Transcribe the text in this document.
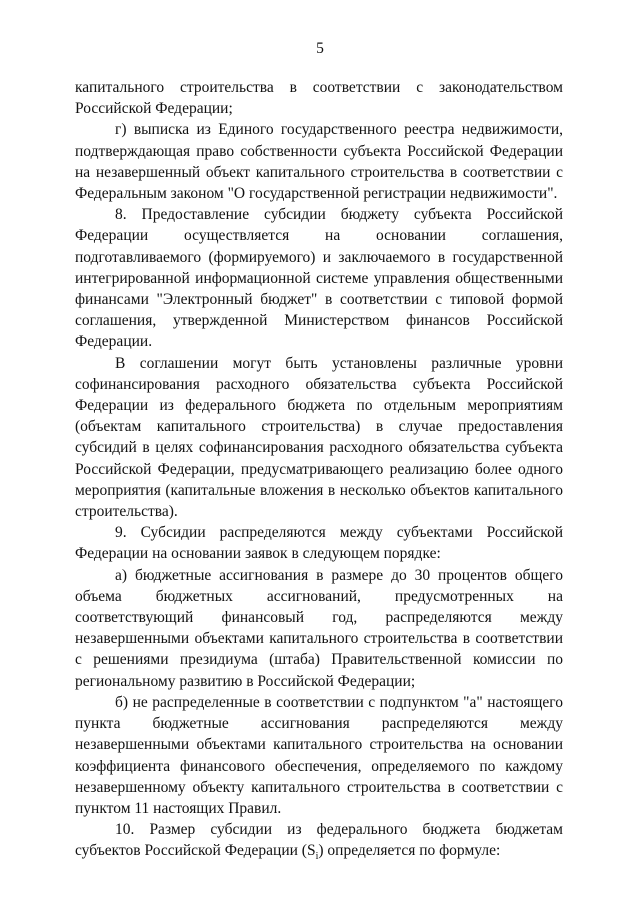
5

капитального строительства в соответствии с законодательством Российской Федерации;

г) выписка из Единого государственного реестра недвижимости, подтверждающая право собственности субъекта Российской Федерации на незавершенный объект капитального строительства в соответствии с Федеральным законом "О государственной регистрации недвижимости".

8. Предоставление субсидии бюджету субъекта Российской Федерации осуществляется на основании соглашения, подготавливаемого (формируемого) и заключаемого в государственной интегрированной информационной системе управления общественными финансами "Электронный бюджет" в соответствии с типовой формой соглашения, утвержденной Министерством финансов Российской Федерации.

В соглашении могут быть установлены различные уровни софинансирования расходного обязательства субъекта Российской Федерации из федерального бюджета по отдельным мероприятиям (объектам капитального строительства) в случае предоставления субсидий в целях софинансирования расходного обязательства субъекта Российской Федерации, предусматривающего реализацию более одного мероприятия (капитальные вложения в несколько объектов капитального строительства).

9. Субсидии распределяются между субъектами Российской Федерации на основании заявок в следующем порядке:

а) бюджетные ассигнования в размере до 30 процентов общего объема бюджетных ассигнований, предусмотренных на соответствующий финансовый год, распределяются между незавершенными объектами капитального строительства в соответствии с решениями президиума (штаба) Правительственной комиссии по региональному развитию в Российской Федерации;

б) не распределенные в соответствии с подпунктом "а" настоящего пункта бюджетные ассигнования распределяются между незавершенными объектами капитального строительства на основании коэффициента финансового обеспечения, определяемого по каждому незавершенному объекту капитального строительства в соответствии с пунктом 11 настоящих Правил.

10. Размер субсидии из федерального бюджета бюджетам субъектов Российской Федерации $(S_i)$ определяется по формуле:
